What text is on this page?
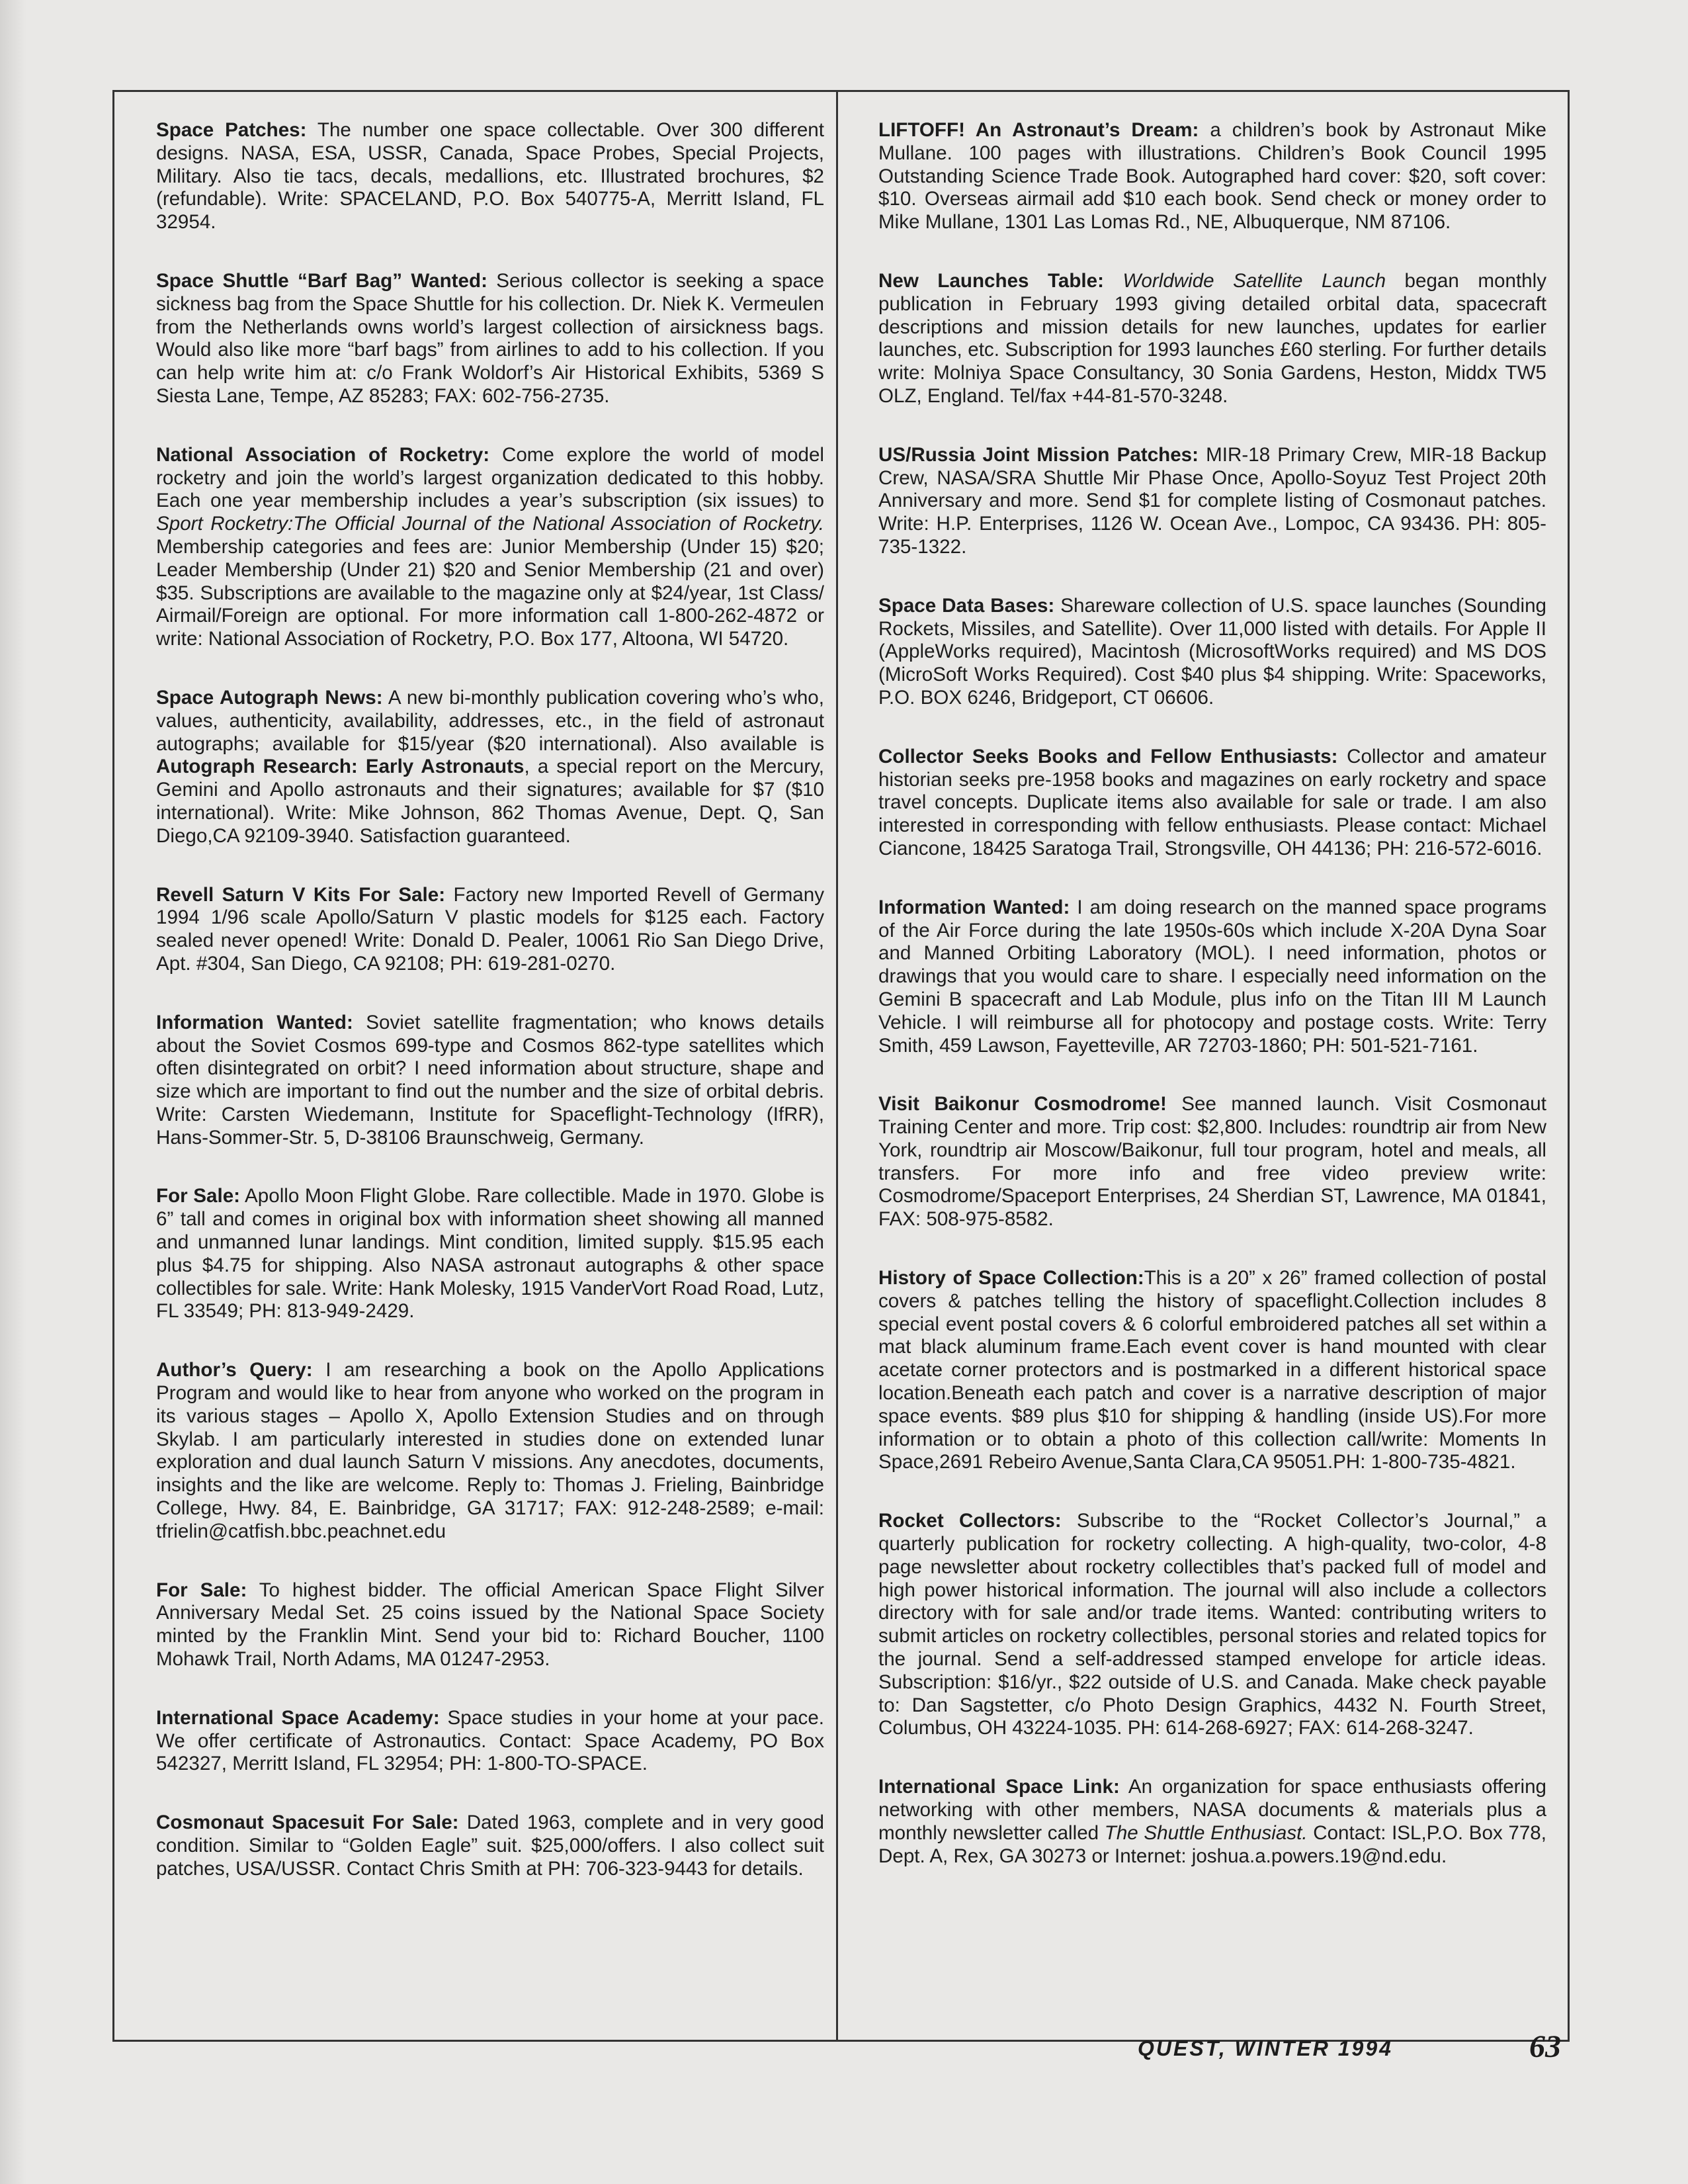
Space Patches: The number one space collectable. Over 300 different designs. NASA, ESA, USSR, Canada, Space Probes, Special Projects, Military. Also tie tacs, decals, medallions, etc. Illustrated brochures, $2 (refundable). Write: SPACELAND, P.O. Box 540775-A, Merritt Island, FL 32954.

Space Shuttle “Barf Bag” Wanted: Serious collector is seeking a space sickness bag from the Space Shuttle for his collection. Dr. Niek K. Vermeulen from the Netherlands owns world’s largest collection of airsickness bags. Would also like more “barf bags” from airlines to add to his collection. If you can help write him at: c/o Frank Woldorf’s Air Historical Exhibits, 5369 S Siesta Lane, Tempe, AZ 85283; FAX: 602-756-2735.

National Association of Rocketry: Come explore the world of model rocketry and join the world’s largest organization dedicated to this hobby. Each one year membership includes a year’s subscription (six issues) to Sport Rocketry:The Official Journal of the National Association of Rocketry. Membership categories and fees are: Junior Membership (Under 15) $20; Leader Membership (Under 21) $20 and Senior Membership (21 and over) $35. Subscriptions are available to the magazine only at $24/year, 1st Class/ Airmail/Foreign are optional. For more information call 1-800-262-4872 or write: National Association of Rocketry, P.O. Box 177, Altoona, WI 54720.

Space Autograph News: A new bi-monthly publication covering who’s who, values, authenticity, availability, addresses, etc., in the field of astronaut autographs; available for $15/year ($20 international). Also available is Autograph Research: Early Astronauts, a special report on the Mercury, Gemini and Apollo astronauts and their signatures; available for $7 ($10 international). Write: Mike Johnson, 862 Thomas Avenue, Dept. Q, San Diego,CA 92109-3940. Satisfaction guaranteed.

Revell Saturn V Kits For Sale: Factory new Imported Revell of Germany 1994 1/96 scale Apollo/Saturn V plastic models for $125 each. Factory sealed never opened! Write: Donald D. Pealer, 10061 Rio San Diego Drive, Apt. #304, San Diego, CA 92108; PH: 619-281-0270.

Information Wanted: Soviet satellite fragmentation; who knows details about the Soviet Cosmos 699-type and Cosmos 862-type satellites which often disintegrated on orbit? I need information about structure, shape and size which are important to find out the number and the size of orbital debris. Write: Carsten Wiedemann, Institute for Spaceflight-Technology (IfRR), Hans-Sommer-Str. 5, D-38106 Braunschweig, Germany.

For Sale: Apollo Moon Flight Globe. Rare collectible. Made in 1970. Globe is 6” tall and comes in original box with information sheet showing all manned and unmanned lunar landings. Mint condition, limited supply. $15.95 each plus $4.75 for shipping. Also NASA astronaut autographs & other space collectibles for sale. Write: Hank Molesky, 1915 VanderVort Road Road, Lutz, FL 33549; PH: 813-949-2429.

Author’s Query: I am researching a book on the Apollo Applications Program and would like to hear from anyone who worked on the program in its various stages – Apollo X, Apollo Extension Studies and on through Skylab. I am particularly interested in studies done on extended lunar exploration and dual launch Saturn V missions. Any anecdotes, documents, insights and the like are welcome. Reply to: Thomas J. Frieling, Bainbridge College, Hwy. 84, E. Bainbridge, GA 31717; FAX: 912-248-2589; e-mail: tfrielin@catfish.bbc.peachnet.edu

For Sale: To highest bidder. The official American Space Flight Silver Anniversary Medal Set. 25 coins issued by the National Space Society minted by the Franklin Mint. Send your bid to: Richard Boucher, 1100 Mohawk Trail, North Adams, MA 01247-2953.

International Space Academy: Space studies in your home at your pace. We offer certificate of Astronautics. Contact: Space Academy, PO Box 542327, Merritt Island, FL 32954; PH: 1-800-TO-SPACE.

Cosmonaut Spacesuit For Sale: Dated 1963, complete and in very good condition. Similar to “Golden Eagle” suit. $25,000/offers. I also collect suit patches, USA/USSR. Contact Chris Smith at PH: 706-323-9443 for details.

LIFTOFF! An Astronaut’s Dream: a children’s book by Astronaut Mike Mullane. 100 pages with illustrations. Children’s Book Council 1995 Outstanding Science Trade Book. Autographed hard cover: $20, soft cover: $10. Overseas airmail add $10 each book. Send check or money order to Mike Mullane, 1301 Las Lomas Rd., NE, Albuquerque, NM 87106.

New Launches Table: Worldwide Satellite Launch began monthly publication in February 1993 giving detailed orbital data, spacecraft descriptions and mission details for new launches, updates for earlier launches, etc. Subscription for 1993 launches £60 sterling. For further details write: Molniya Space Consultancy, 30 Sonia Gardens, Heston, Middx TW5 OLZ, England. Tel/fax +44-81-570-3248.

US/Russia Joint Mission Patches: MIR-18 Primary Crew, MIR-18 Backup Crew, NASA/SRA Shuttle Mir Phase Once, Apollo-Soyuz Test Project 20th Anniversary and more. Send $1 for complete listing of Cosmonaut patches. Write: H.P. Enterprises, 1126 W. Ocean Ave., Lompoc, CA 93436. PH: 805-735-1322.

Space Data Bases: Shareware collection of U.S. space launches (Sounding Rockets, Missiles, and Satellite). Over 11,000 listed with details. For Apple II (AppleWorks required), Macintosh (MicrosoftWorks required) and MS DOS (MicroSoft Works Required). Cost $40 plus $4 shipping. Write: Spaceworks, P.O. BOX 6246, Bridgeport, CT 06606.

Collector Seeks Books and Fellow Enthusiasts: Collector and amateur historian seeks pre-1958 books and magazines on early rocketry and space travel concepts. Duplicate items also available for sale or trade. I am also interested in corresponding with fellow enthusiasts. Please contact: Michael Ciancone, 18425 Saratoga Trail, Strongsville, OH 44136; PH: 216-572-6016.

Information Wanted: I am doing research on the manned space programs of the Air Force during the late 1950s-60s which include X-20A Dyna Soar and Manned Orbiting Laboratory (MOL). I need information, photos or drawings that you would care to share. I especially need information on the Gemini B spacecraft and Lab Module, plus info on the Titan III M Launch Vehicle. I will reimburse all for photocopy and postage costs. Write: Terry Smith, 459 Lawson, Fayetteville, AR 72703-1860; PH: 501-521-7161.

Visit Baikonur Cosmodrome! See manned launch. Visit Cosmonaut Training Center and more. Trip cost: $2,800. Includes: roundtrip air from New York, roundtrip air Moscow/Baikonur, full tour program, hotel and meals, all transfers. For more info and free video preview write: Cosmodrome/Spaceport Enterprises, 24 Sherdian ST, Lawrence, MA 01841, FAX: 508-975-8582.

History of Space Collection:This is a 20” x 26” framed collection of postal covers & patches telling the history of spaceflight.Collection includes 8 special event postal covers & 6 colorful embroidered patches all set within a mat black aluminum frame.Each event cover is hand mounted with clear acetate corner protectors and is postmarked in a different historical space location.Beneath each patch and cover is a narrative description of major space events. $89 plus $10 for shipping & handling (inside US).For more information or to obtain a photo of this collection call/write: Moments In Space,2691 Rebeiro Avenue,Santa Clara,CA 95051.PH: 1-800-735-4821.

Rocket Collectors: Subscribe to the “Rocket Collector’s Journal,” a quarterly publication for rocketry collecting. A high-quality, two-color, 4-8 page newsletter about rocketry collectibles that’s packed full of model and high power historical information. The journal will also include a collectors directory with for sale and/or trade items. Wanted: contributing writers to submit articles on rocketry collectibles, personal stories and related topics for the journal. Send a self-addressed stamped envelope for article ideas. Subscription: $16/yr., $22 outside of U.S. and Canada. Make check payable to: Dan Sagstetter, c/o Photo Design Graphics, 4432 N. Fourth Street, Columbus, OH 43224-1035. PH: 614-268-6927; FAX: 614-268-3247.

International Space Link: An organization for space enthusiasts offering networking with other members, NASA documents & materials plus a monthly newsletter called The Shuttle Enthusiast. Contact: ISL,P.O. Box 778, Dept. A, Rex, GA 30273 or Internet: joshua.a.powers.19@nd.edu.

QUEST, WINTER 1994	63
